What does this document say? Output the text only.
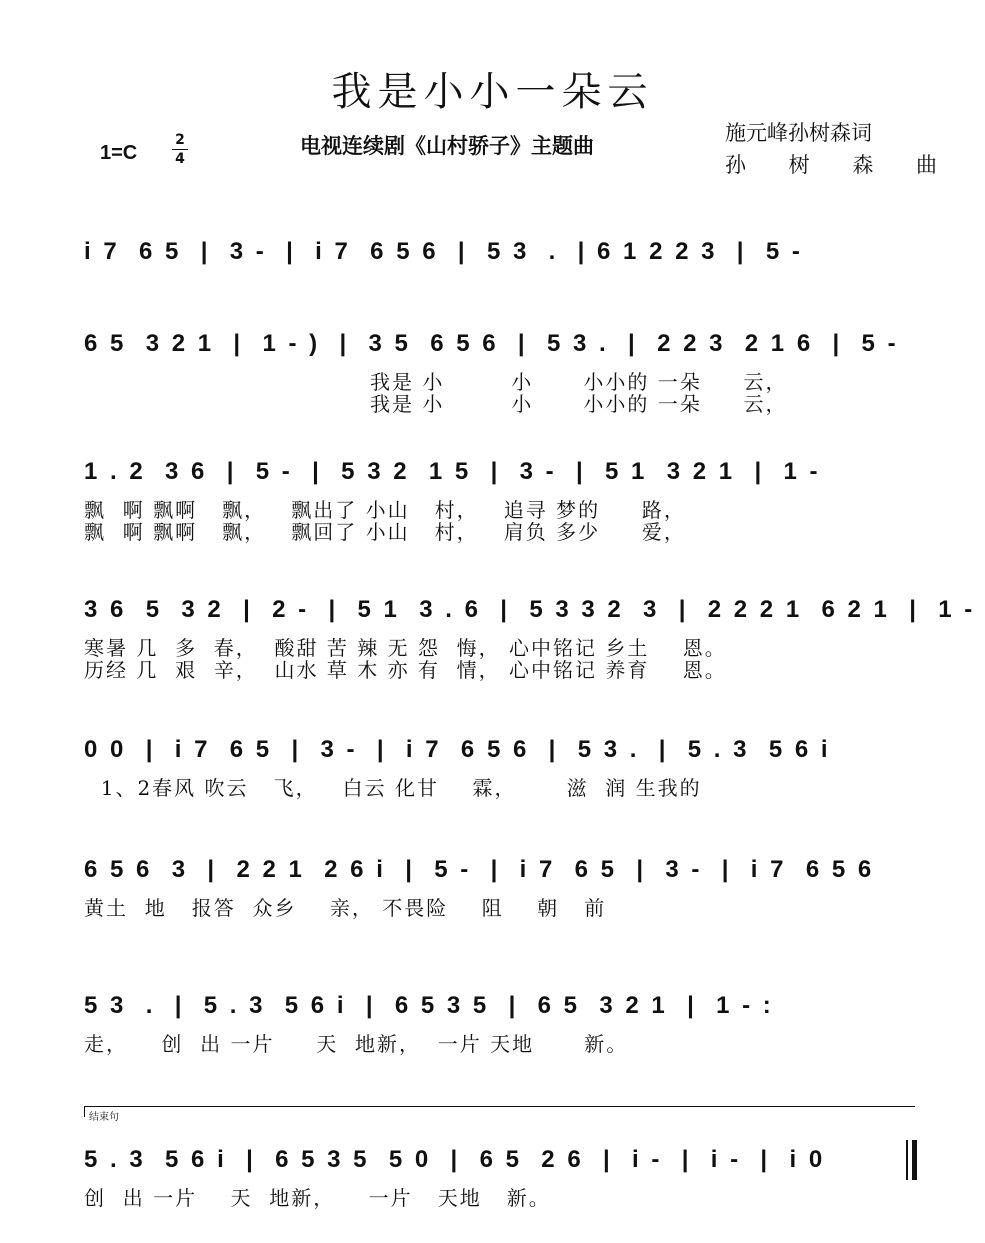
我是小小一朵云
1=C
2
4
电视连续剧《山村骄子》主题曲
施元峰孙树森词
孙 树 森 曲
i 7  6 5  |  3 -  |  i 7  6 5 6  |  5 3  .  | 6 1 2 2 3  |  5 -
6 5  3 2 1  |  1 - )  |  3 5  6 5 6  |  5 3 .  |  2 2 3  2 1 6  |  5 -
我是 小        小      小小的 一朵     云，
我是 小        小      小小的 一朵     云，
1 . 2  3 6  |  5 -  |  5 3 2  1 5  |  3 -  |  5 1  3 2 1  |  1 -
飘  啊 飘啊   飘，   飘出了 小山   村，   追寻 梦的     路，
飘  啊 飘啊   飘，   飘回了 小山   村，   肩负 多少     爱，
3 6  5  3 2  |  2 -  |  5 1  3 . 6  |  5 3 3 2  3  |  2 2 2 1  6 2 1  |  1 -
寒暑 几  多  春，  酸甜 苦 辣 无 怨  悔， 心中铭记 乡土    恩。
历经 几  艰  辛，  山水 草 木 亦 有  情， 心中铭记 养育    恩。
0 0  |  i 7  6 5  |  3 -  |  i 7  6 5 6  |  5 3 .  |  5 . 3  5 6 i
1、2春风 吹云   飞，   白云 化甘    霖，      滋  润 生我的
6 5 6  3  |  2 2 1  2 6 i  |  5 -  |  i 7  6 5  |  3 -  |  i 7  6 5 6
黄土  地   报答  众乡    亲， 不畏险    阻    朝   前
5 3  .  |  5 . 3  5 6 i  |  6 5 3 5  |  6 5  3 2 1  |  1 - :
走，    创  出 一片     天  地新，  一片 天地      新。
结束句
5 . 3  5 6 i  |  6 5 3 5  5 0  |  6 5  2 6  |  i -  |  i -  |  i 0
创  出 一片    天  地新，    一片   天地   新。
